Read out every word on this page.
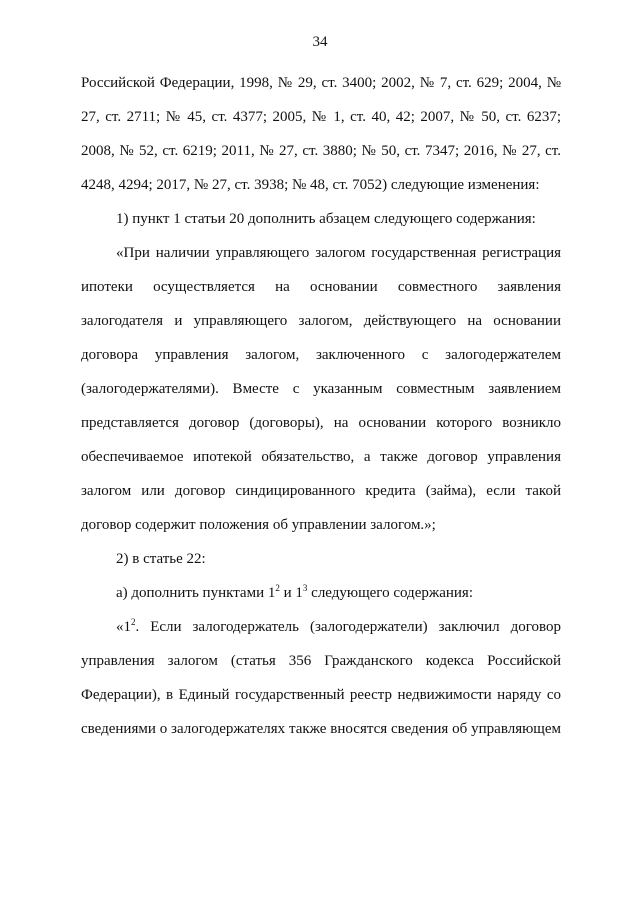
34

Российской Федерации, 1998, № 29, ст. 3400; 2002, № 7, ст. 629; 2004, № 27, ст. 2711; № 45, ст. 4377; 2005, № 1, ст. 40, 42; 2007, № 50, ст. 6237; 2008, № 52, ст. 6219; 2011, № 27, ст. 3880; № 50, ст. 7347; 2016, № 27, ст. 4248, 4294; 2017, № 27, ст. 3938; № 48, ст. 7052) следующие изменения:

1) пункт 1 статьи 20 дополнить абзацем следующего содержания:

«При наличии управляющего залогом государственная регистрация ипотеки осуществляется на основании совместного заявления залогодателя и управляющего залогом, действующего на основании договора управления залогом, заключенного с залогодержателем (залогодержателями). Вместе с указанным совместным заявлением представляется договор (договоры), на основании которого возникло обеспечиваемое ипотекой обязательство, а также договор управления залогом или договор синдицированного кредита (займа), если такой договор содержит положения об управлении залогом.»;

2) в статье 22:

а) дополнить пунктами $1^2$ и $1^3$ следующего содержания:

«$1^2$. Если залогодержатель (залогодержатели) заключил договор управления залогом (статья 356 Гражданского кодекса Российской Федерации), в Единый государственный реестр недвижимости наряду со сведениями о залогодержателях также вносятся сведения об управляющем
